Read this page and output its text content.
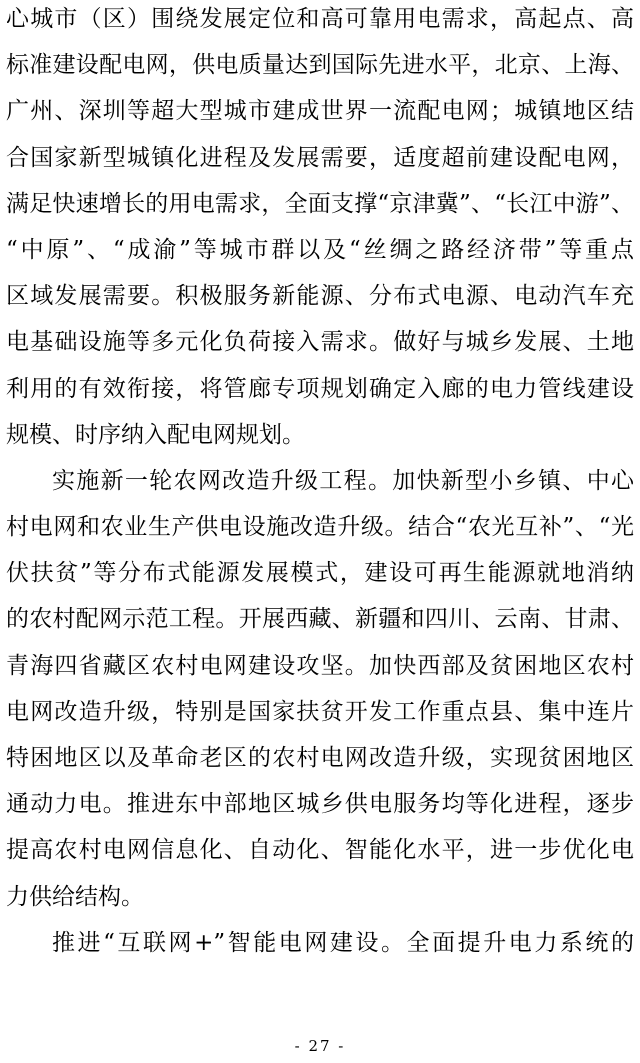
心城市（区）围绕发展定位和高可靠用电需求，高起点、高
标准建设配电网，供电质量达到国际先进水平，北京、上海、
广州、深圳等超大型城市建成世界一流配电网；城镇地区结
合国家新型城镇化进程及发展需要，适度超前建设配电网，
满足快速增长的用电需求，全面支撑“京津冀”、“长江中游”、
“中原”、“成渝”等城市群以及“丝绸之路经济带”等重点
区域发展需要。积极服务新能源、分布式电源、电动汽车充
电基础设施等多元化负荷接入需求。做好与城乡发展、土地
利用的有效衔接，将管廊专项规划确定入廊的电力管线建设
规模、时序纳入配电网规划。
实施新一轮农网改造升级工程。加快新型小乡镇、中心
村电网和农业生产供电设施改造升级。结合“农光互补”、“光
伏扶贫”等分布式能源发展模式，建设可再生能源就地消纳
的农村配网示范工程。开展西藏、新疆和四川、云南、甘肃、
青海四省藏区农村电网建设攻坚。加快西部及贫困地区农村
电网改造升级，特别是国家扶贫开发工作重点县、集中连片
特困地区以及革命老区的农村电网改造升级，实现贫困地区
通动力电。推进东中部地区城乡供电服务均等化进程，逐步
提高农村电网信息化、自动化、智能化水平，进一步优化电
力供给结构。
推进“互联网+”智能电网建设。全面提升电力系统的
- 27 -
